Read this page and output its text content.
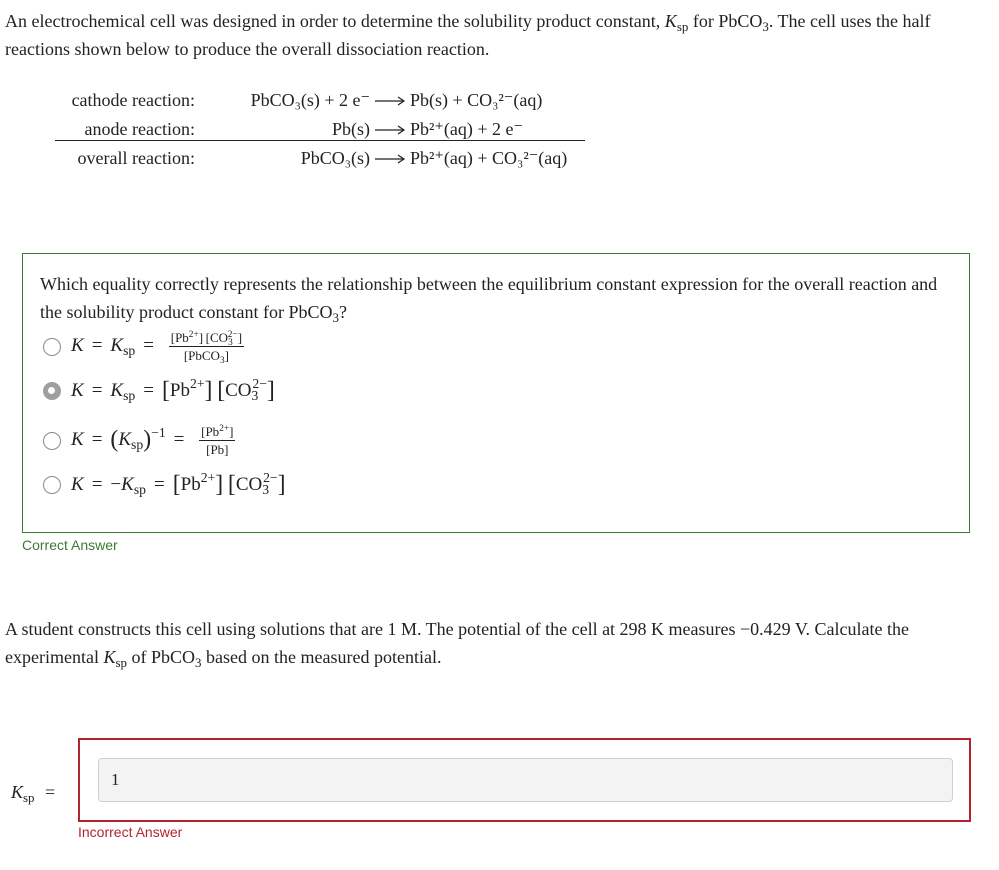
An electrochemical cell was designed in order to determine the solubility product constant, $K_{sp}$ for PbCO$_3$. The cell uses the half reactions shown below to produce the overall dissociation reaction.
cathode reaction:	PbCO₃(s) + 2 e⁻ Pb(s) + CO₃²⁻(aq)
anode reaction:	Pb(s) Pb²⁺(aq) + 2 e⁻
overall reaction:	PbCO₃(s) Pb²⁺(aq) + CO₃²⁻(aq)
Which equality correctly represents the relationship between the equilibrium constant expression for the overall reaction and the solubility product constant for PbCO$_3$?
$K = K_{sp} = \frac{[Pb^{2+}] [CO_3^{2-}]}{[PbCO_3]}$
$K = K_{sp} = [Pb^{2+}]$ $[CO_3^{2-}]$
$K = (K_{sp})^{-1} = \frac{[Pb^{2+}]}{[Pb]}$
$K = -K_{sp} = [Pb^{2+}]$ $[CO_3^{2-}]$
Correct Answer
A student constructs this cell using solutions that are 1 M. The potential of the cell at 298 K measures −0.429 V. Calculate the experimental $K_{sp}$ of PbCO$_3$ based on the measured potential.
$K_{sp}$ =
1
Incorrect Answer
